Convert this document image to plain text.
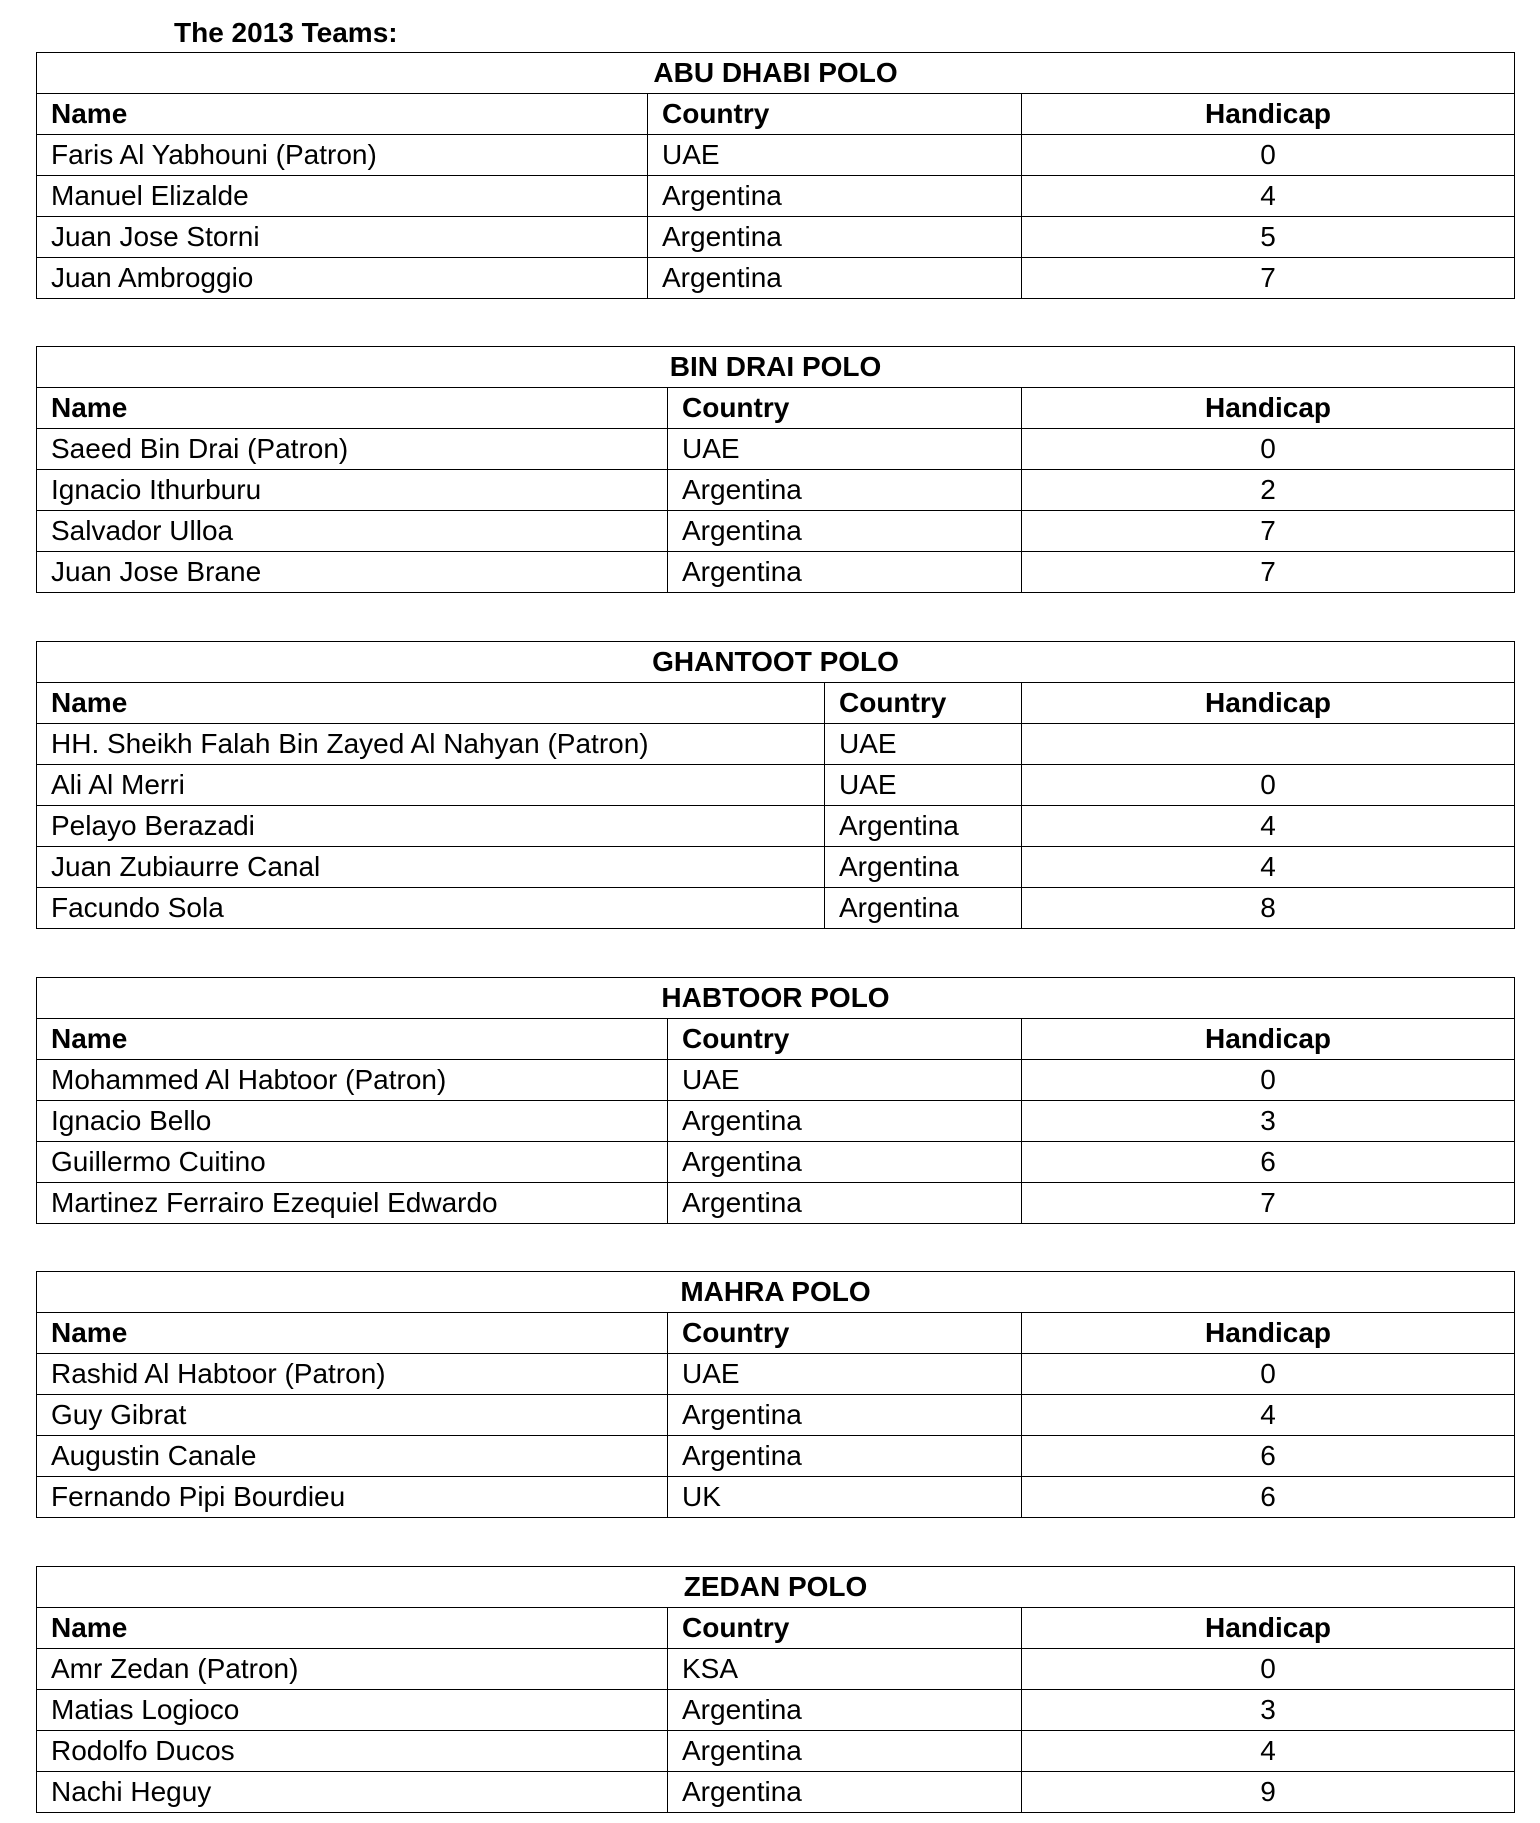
The 2013 Teams:
ABU DHABI POLO		
Name	Country	Handicap
Faris Al Yabhouni (Patron)	UAE	0
Manuel Elizalde	Argentina	4
Juan Jose Storni	Argentina	5
Juan Ambroggio	Argentina	7
BIN DRAI POLO		
Name	Country	Handicap
Saeed Bin Drai (Patron)	UAE	0
Ignacio Ithurburu	Argentina	2
Salvador Ulloa	Argentina	7
Juan Jose Brane	Argentina	7
GHANTOOT POLO		
Name	Country	Handicap
HH. Sheikh Falah Bin Zayed Al Nahyan (Patron)	UAE	
Ali Al Merri	UAE	0
Pelayo Berazadi	Argentina	4
Juan Zubiaurre Canal	Argentina	4
Facundo Sola	Argentina	8
HABTOOR POLO		
Name	Country	Handicap
Mohammed Al Habtoor (Patron)	UAE	0
Ignacio Bello	Argentina	3
Guillermo Cuitino	Argentina	6
Martinez Ferrairo Ezequiel Edwardo	Argentina	7
MAHRA POLO		
Name	Country	Handicap
Rashid Al Habtoor (Patron)	UAE	0
Guy Gibrat	Argentina	4
Augustin Canale	Argentina	6
Fernando Pipi Bourdieu	UK	6
ZEDAN POLO		
Name	Country	Handicap
Amr Zedan (Patron)	KSA	0
Matias Logioco	Argentina	3
Rodolfo Ducos	Argentina	4
Nachi Heguy	Argentina	9
